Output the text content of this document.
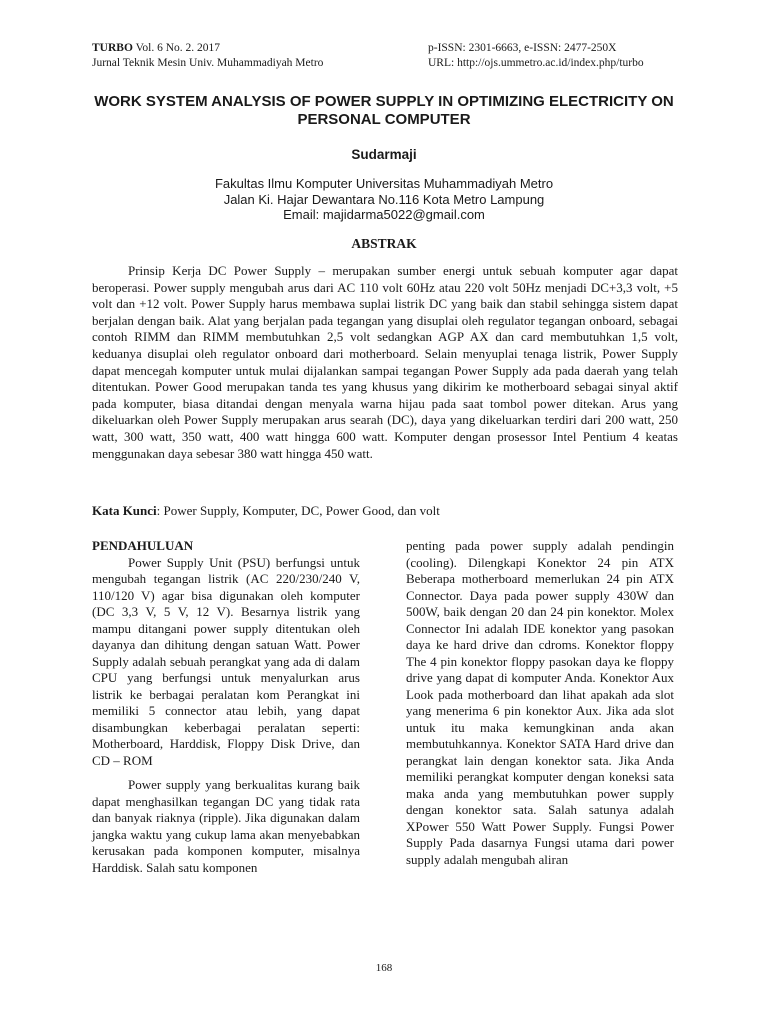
TURBO Vol. 6 No. 2. 2017
Jurnal Teknik Mesin Univ. Muhammadiyah Metro
p-ISSN: 2301-6663, e-ISSN: 2477-250X
URL: http://ojs.ummetro.ac.id/index.php/turbo
WORK SYSTEM ANALYSIS OF POWER SUPPLY IN OPTIMIZING ELECTRICITY ON PERSONAL COMPUTER
Sudarmaji
Fakultas Ilmu Komputer Universitas Muhammadiyah Metro
Jalan Ki. Hajar Dewantara No.116 Kota Metro Lampung
Email: majidarma5022@gmail.com
ABSTRAK

Prinsip Kerja DC Power Supply – merupakan sumber energi untuk sebuah komputer agar dapat beroperasi. Power supply mengubah arus dari AC 110 volt 60Hz atau 220 volt 50Hz menjadi DC+3,3 volt, +5 volt dan +12 volt. Power Supply harus membawa suplai listrik DC yang baik dan stabil sehingga sistem dapat berjalan dengan baik. Alat yang berjalan pada tegangan yang disuplai oleh regulator tegangan onboard, sebagai contoh RIMM dan RIMM membutuhkan 2,5 volt sedangkan AGP AX dan card membutuhkan 1,5 volt, keduanya disuplai oleh regulator onboard dari motherboard. Selain menyuplai tenaga listrik, Power Supply dapat mencegah komputer untuk mulai dijalankan sampai tegangan Power Supply ada pada daerah yang telah ditentukan. Power Good merupakan tanda tes yang khusus yang dikirim ke motherboard sebagai sinyal aktif pada komputer, biasa ditandai dengan menyala warna hijau pada saat tombol power ditekan. Arus yang dikeluarkan oleh Power Supply merupakan arus searah (DC), daya yang dikeluarkan terdiri dari 200 watt, 250 watt, 300 watt, 350 watt, 400 watt hingga 600 watt. Komputer dengan prosessor Intel Pentium 4 keatas menggunakan daya sebesar 380 watt hingga 450 watt.

Kata Kunci: Power Supply, Komputer, DC, Power Good, dan volt
PENDAHULUAN

Power Supply Unit (PSU) berfungsi untuk mengubah tegangan listrik (AC 220/230/240 V, 110/120 V) agar bisa digunakan oleh komputer (DC 3,3 V, 5 V, 12 V). Besarnya listrik yang mampu ditangani power supply ditentukan oleh dayanya dan dihitung dengan satuan Watt. Power Supply adalah sebuah perangkat yang ada di dalam CPU yang berfungsi untuk menyalurkan arus listrik ke berbagai peralatan kom Perangkat ini memiliki 5 connector atau lebih, yang dapat disambungkan keberbagai peralatan seperti: Motherboard, Harddisk, Floppy Disk Drive, dan CD – ROM

Power supply yang berkualitas kurang baik dapat menghasilkan tegangan DC yang tidak rata dan banyak riaknya (ripple). Jika digunakan dalam jangka waktu yang cukup lama akan menyebabkan kerusakan pada komponen komputer, misalnya Harddisk. Salah satu komponen

penting pada power supply adalah pendingin (cooling). Dilengkapi Konektor 24 pin ATX Beberapa motherboard memerlukan 24 pin ATX Connector. Daya pada power supply 430W dan 500W, baik dengan 20 dan 24 pin konektor. Molex Connector Ini adalah IDE konektor yang pasokan daya ke hard drive dan cdroms. Konektor floppy The 4 pin konektor floppy pasokan daya ke floppy drive yang dapat di komputer Anda. Konektor Aux Look pada motherboard dan lihat apakah ada slot yang menerima 6 pin konektor Aux. Jika ada slot untuk itu maka kemungkinan anda akan membutuhkannya. Konektor SATA Hard drive dan perangkat lain dengan konektor sata. Jika Anda memiliki perangkat komputer dengan koneksi sata maka anda yang membutuhkan power supply dengan konektor sata. Salah satunya adalah XPower 550 Watt Power Supply. Fungsi Power Supply Pada dasarnya Fungsi utama dari power supply adalah mengubah aliran

168
